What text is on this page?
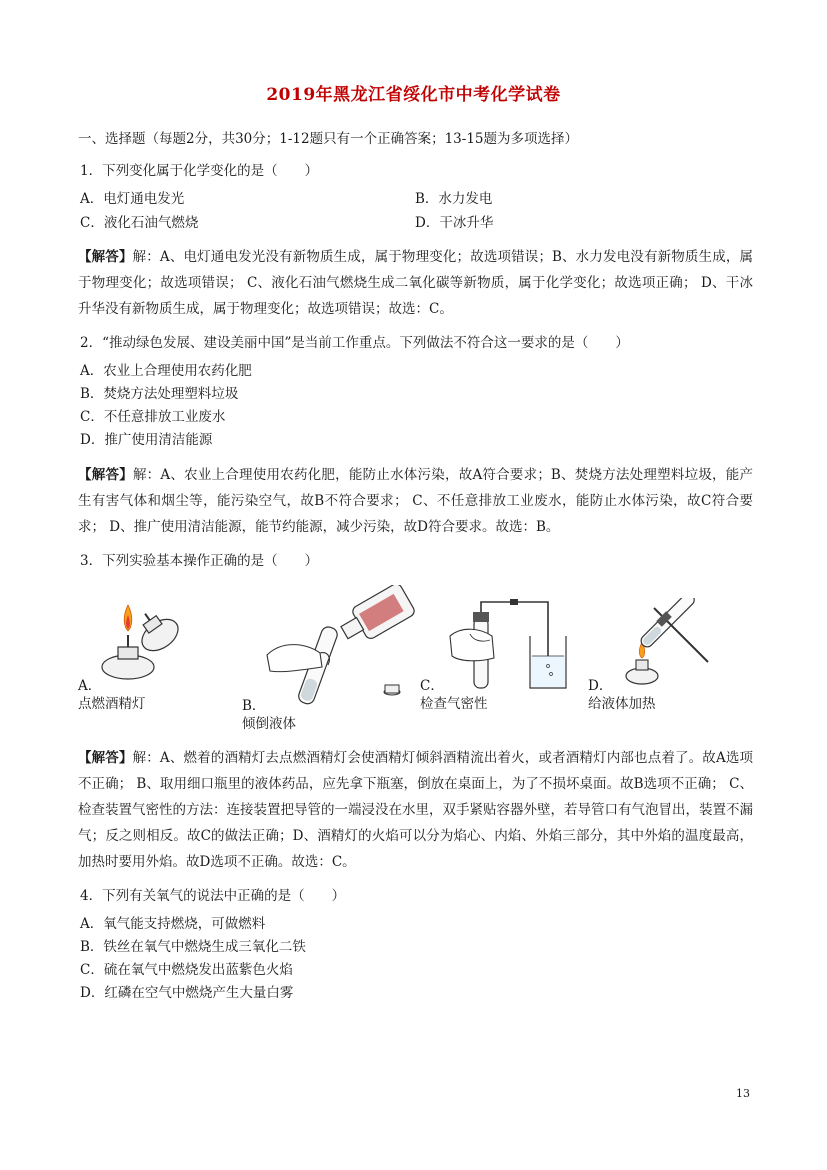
2019年黑龙江省绥化市中考化学试卷
一、选择题（每题2分，共30分；1-12题只有一个正确答案；13-15题为多项选择）
1．下列变化属于化学变化的是（　　）
A．电灯通电发光	B．水力发电
C．液化石油气燃烧	D．干冰升华
【解答】解：A、电灯通电发光没有新物质生成，属于物理变化；故选项错误；B、水力发电没有新物质生成，属于物理变化；故选项错误； C、液化石油气燃烧生成二氧化碳等新物质，属于化学变化；故选项正确； D、干冰升华没有新物质生成，属于物理变化；故选项错误；故选：C。
2．“推动绿色发展、建设美丽中国”是当前工作重点。下列做法不符合这一要求的是（　　）
A．农业上合理使用农药化肥
B．焚烧方法处理塑料垃圾
C．不任意排放工业废水
D．推广使用清洁能源
【解答】解：A、农业上合理使用农药化肥，能防止水体污染，故A符合要求；B、焚烧方法处理塑料垃圾，能产生有害气体和烟尘等，能污染空气，故B不符合要求； C、不任意排放工业废水，能防止水体污染，故C符合要求； D、推广使用清洁能源，能节约能源，减少污染，故D符合要求。故选：B。
3．下列实验基本操作正确的是（　　）
A．
点燃酒精灯	B．
倾倒液体
C．
检查气密性
D．
给液体加热
【解答】解：A、燃着的酒精灯去点燃酒精灯会使酒精灯倾斜酒精流出着火，或者酒精灯内部也点着了。故A选项不正确； B、取用细口瓶里的液体药品，应先拿下瓶塞，倒放在桌面上，为了不损坏桌面。故B选项不正确； C、检查装置气密性的方法：连接装置把导管的一端浸没在水里，双手紧贴容器外壁，若导管口有气泡冒出，装置不漏气；反之则相反。故C的做法正确；D、酒精灯的火焰可以分为焰心、内焰、外焰三部分，其中外焰的温度最高，加热时要用外焰。故D选项不正确。故选：C。
4．下列有关氧气的说法中正确的是（　　）
A．氧气能支持燃烧，可做燃料
B．铁丝在氧气中燃烧生成三氧化二铁
C．硫在氧气中燃烧发出蓝紫色火焰
D．红磷在空气中燃烧产生大量白雾
13
